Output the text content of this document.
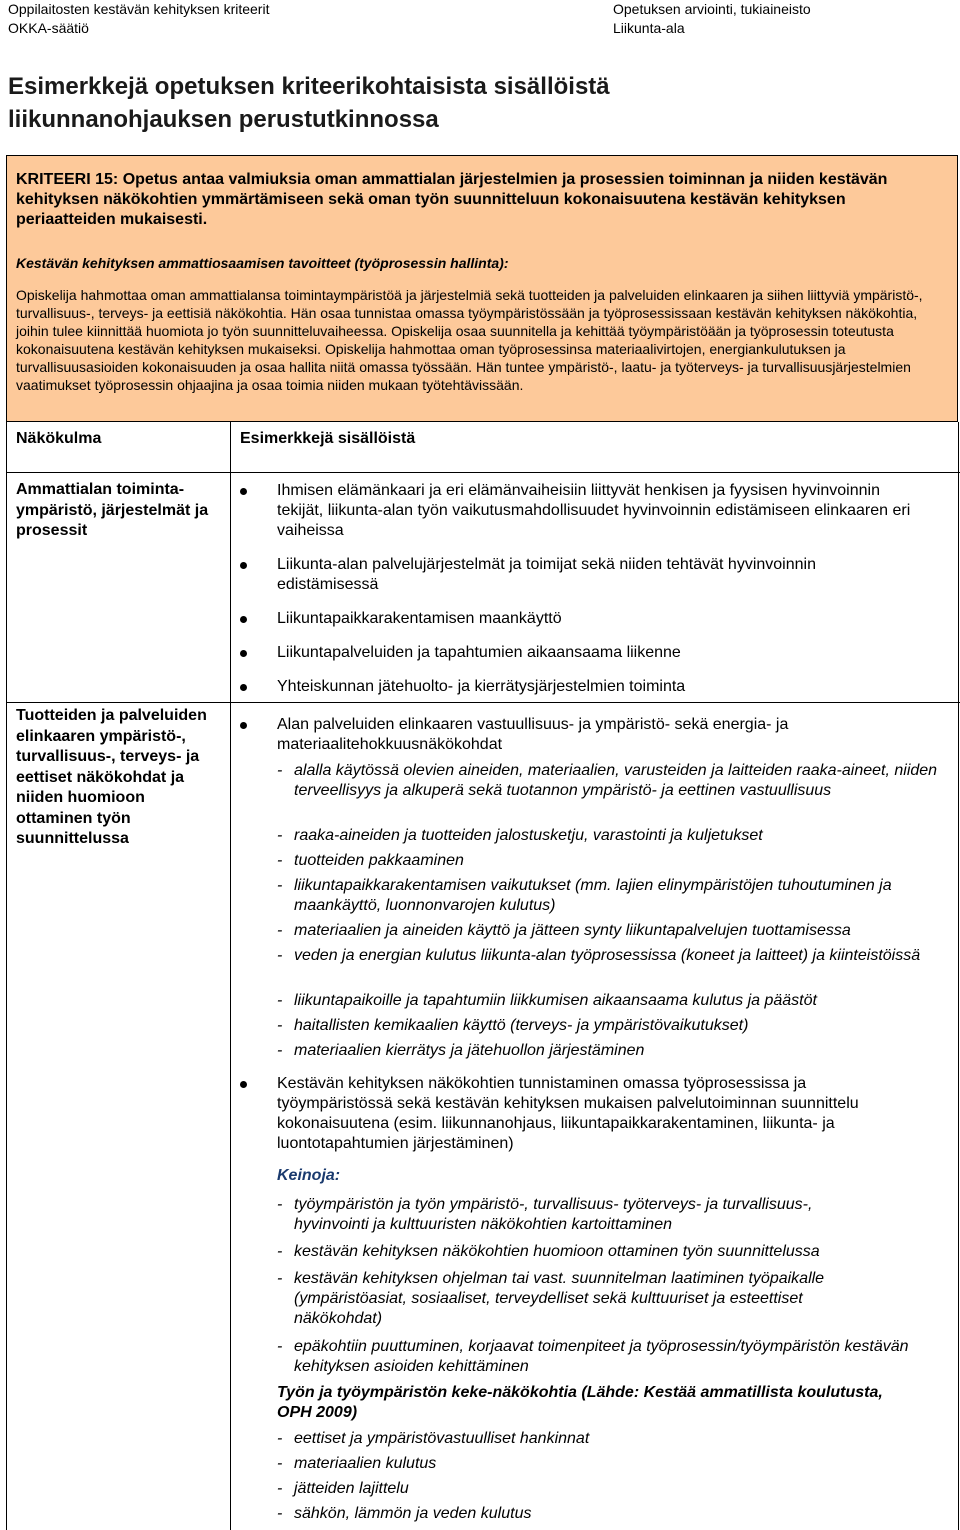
Oppilaitosten kestävän kehityksen kriteerit
OKKA-säätiö
Opetuksen arviointi, tukiaineisto
Liikunta-ala
Esimerkkejä opetuksen kriteerikohtaisista sisällöistä
liikunnanohjauksen perustutkinnossa
KRITEERI 15: Opetus antaa valmiuksia oman ammattialan järjestelmien ja prosessien toiminnan ja niiden kestävän kehityksen näkökohtien ymmärtämiseen sekä oman työn suunnitteluun kokonaisuutena kestävän kehityksen periaatteiden mukaisesti.
Kestävän kehityksen ammattiosaamisen tavoitteet (työprosessin hallinta):
Opiskelija hahmottaa oman ammattialansa toimintaympäristöä ja järjestelmiä sekä tuotteiden ja palveluiden elinkaaren ja siihen liittyviä ympäristö-, turvallisuus-, terveys- ja eettisiä näkökohtia. Hän osaa tunnistaa omassa työympäristössään ja työprosessissaan kestävän kehityksen näkökohtia, joihin tulee kiinnittää huomiota jo työn suunnitteluvaiheessa. Opiskelija osaa suunnitella ja kehittää työympäristöään ja työprosessin toteutusta kokonaisuutena kestävän kehityksen mukaiseksi. Opiskelija hahmottaa oman työprosessinsa materiaalivirtojen, energiankulutuksen ja turvallisuusasioiden kokonaisuuden ja osaa hallita niitä omassa työssään. Hän tuntee ympäristö-, laatu- ja työterveys- ja turvallisuusjärjestelmien vaatimukset työprosessin ohjaajina ja osaa toimia niiden mukaan työtehtävissään.
Näkökulma	Esimerkkejä sisällöistä
Ammattialan toiminta-ympäristö, järjestelmät ja prosessit
Ihmisen elämänkaari ja eri elämänvaiheisiin liittyvät henkisen ja fyysisen hyvinvoinnin tekijät, liikunta-alan työn vaikutusmahdollisuudet hyvinvoinnin edistämiseen elinkaaren eri vaiheissa
Liikunta-alan palvelujärjestelmät ja toimijat sekä niiden tehtävät hyvinvoinnin edistämisessä
Liikuntapaikkarakentamisen maankäyttö
Liikuntapalveluiden ja tapahtumien aikaansaama liikenne
Yhteiskunnan jätehuolto- ja kierrätysjärjestelmien toiminta
Tuotteiden ja palveluiden elinkaaren ympäristö-, turvallisuus-, terveys- ja eettiset näkökohdat ja niiden huomioon ottaminen työn suunnittelussa
Alan palveluiden elinkaaren vastuullisuus- ja ympäristö- sekä energia- ja materiaalitehokkuusnäkökohdat
- alalla käytössä olevien aineiden, materiaalien, varusteiden ja laitteiden raaka-aineet, niiden terveellisyys ja alkuperä sekä tuotannon ympäristö- ja eettinen vastuullisuus
- raaka-aineiden ja tuotteiden jalostusketju, varastointi ja kuljetukset
- tuotteiden pakkaaminen
- liikuntapaikkarakentamisen vaikutukset (mm. lajien elinympäristöjen tuhoutuminen ja maankäyttö, luonnonvarojen kulutus)
- materiaalien ja aineiden käyttö ja jätteen synty liikuntapalvelujen tuottamisessa
- veden ja energian kulutus liikunta-alan työprosessissa (koneet ja laitteet) ja kiinteistöissä
- liikuntapaikoille ja tapahtumiin liikkumisen aikaansaama kulutus ja päästöt
- haitallisten kemikaalien käyttö (terveys- ja ympäristövaikutukset)
- materiaalien kierrätys ja jätehuollon järjestäminen
Kestävän kehityksen näkökohtien tunnistaminen omassa työprosessissa ja työympäristössä sekä kestävän kehityksen mukaisen palvelutoiminnan suunnittelu kokonaisuutena (esim. liikunnanohjaus, liikuntapaikkarakentaminen, liikunta- ja luontotapahtumien järjestäminen)
Keinoja:
- työympäristön ja työn ympäristö-, turvallisuus- työterveys- ja turvallisuus-, hyvinvointi ja kulttuuristen näkökohtien kartoittaminen
- kestävän kehityksen näkökohtien huomioon ottaminen työn suunnittelussa
- kestävän kehityksen ohjelman tai vast. suunnitelman laatiminen työpaikalle (ympäristöasiat, sosiaaliset, terveydelliset sekä kulttuuriset ja esteettiset näkökohdat)
- epäkohtiin puuttuminen, korjaavat toimenpiteet ja työprosessin/työympäristön kestävän kehityksen asioiden kehittäminen
Työn ja työympäristön keke-näkökohtia (Lähde: Kestää ammatillista koulutusta, OPH 2009)
- eettiset ja ympäristövastuulliset hankinnat
- materiaalien kulutus
- jätteiden lajittelu
- sähkön, lämmön ja veden kulutus
